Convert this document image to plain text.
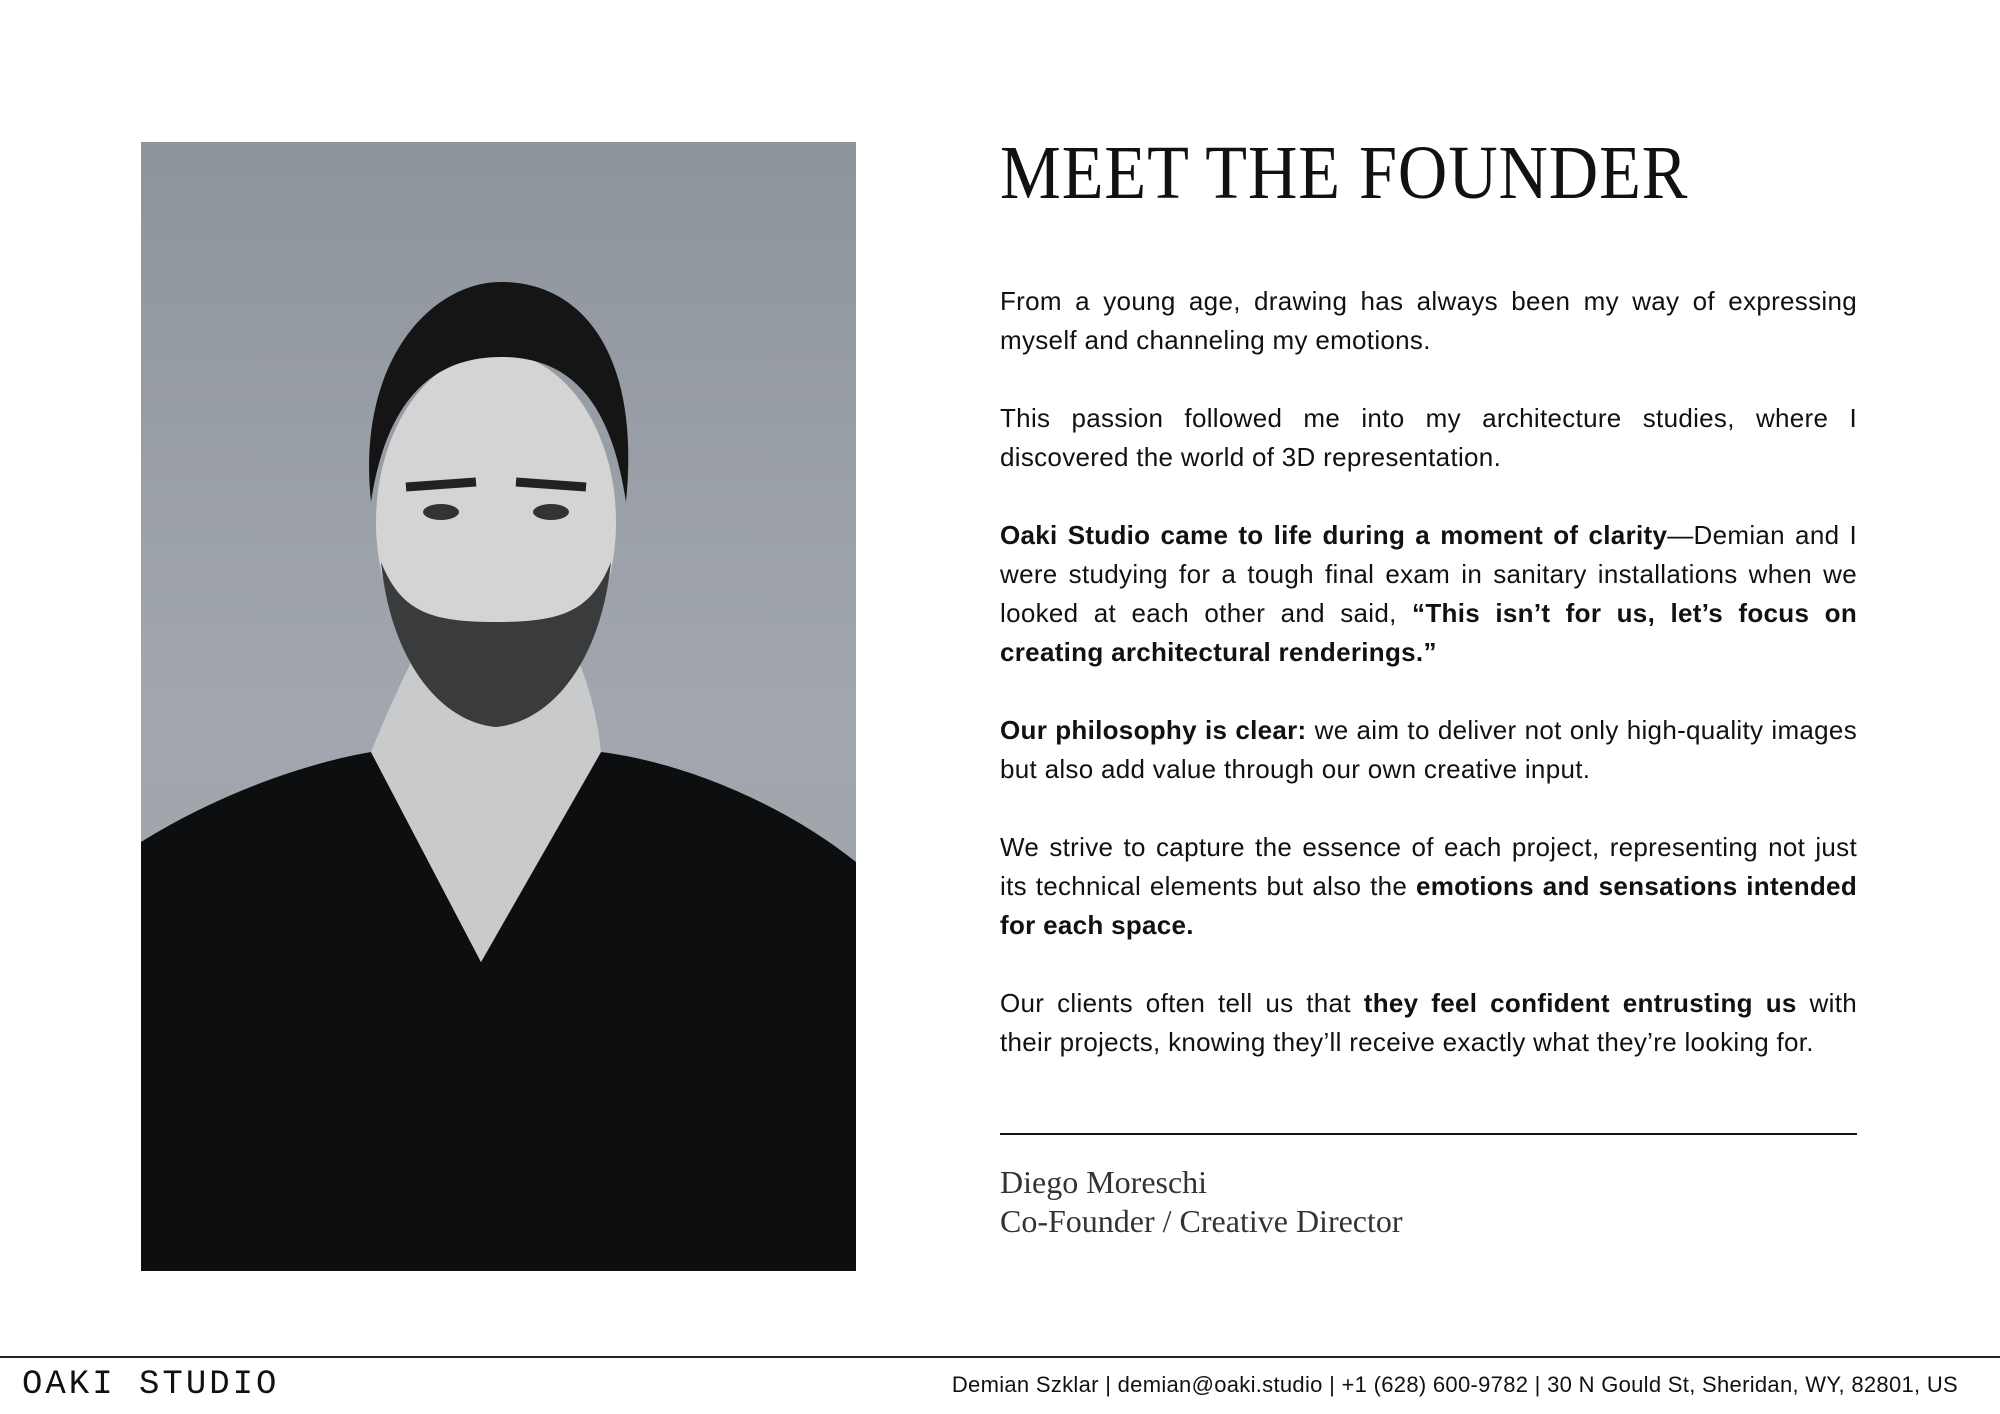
MEET THE FOUNDER

From a young age, drawing has always been my way of expressing myself and channeling my emotions.

This passion followed me into my architecture studies, where I discovered the world of 3D representation.

Oaki Studio came to life during a moment of clarity—Demian and I were studying for a tough final exam in sanitary installations when we looked at each other and said, “This isn’t for us, let’s focus on creating architectural renderings.”

Our philosophy is clear: we aim to deliver not only high-quality images but also add value through our own creative input.

We strive to capture the essence of each project, representing not just its technical elements but also the emotions and sensations intended for each space.

Our clients often tell us that they feel confident entrusting us with their projects, knowing they’ll receive exactly what they’re looking for.

Diego Moreschi
Co-Founder / Creative Director
OAKI STUDIO	Demian Szklar | demian@oaki.studio | +1 (628) 600-9782 | 30 N Gould St, Sheridan, WY, 82801, US
